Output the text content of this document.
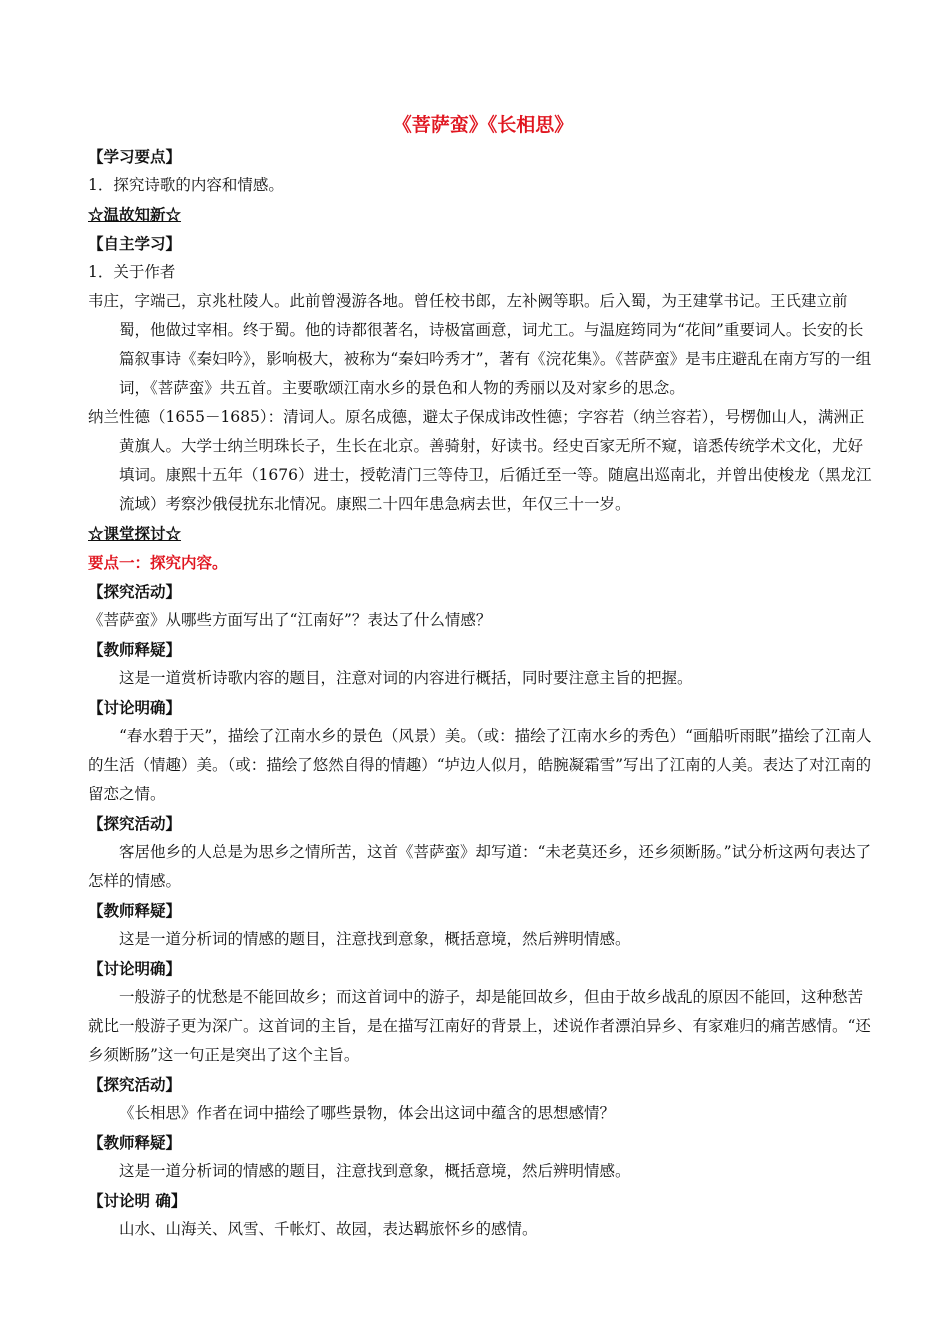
《菩萨蛮》《长相思》

【学习要点】

1．探究诗歌的内容和情感。

☆温故知新☆

【自主学习】

1．关于作者

韦庄，字端己，京兆杜陵人。此前曾漫游各地。曾任校书郎，左补阙等职。后入蜀，为王建掌书记。王氏建立前蜀，他做过宰相。终于蜀。他的诗都很著名，诗极富画意，词尤工。与温庭筠同为“花间”重要词人。长安的长篇叙事诗《秦妇吟》，影响极大，被称为“秦妇吟秀才”，著有《浣花集》。《菩萨蛮》是韦庄避乱在南方写的一组词，《菩萨蛮》共五首。主要歌颂江南水乡的景色和人物的秀丽以及对家乡的思念。

纳兰性德（1655－1685）：清词人。原名成德，避太子保成讳改性德；字容若（纳兰容若），号楞伽山人，满洲正黄旗人。大学士纳兰明珠长子，生长在北京。善骑射，好读书。经史百家无所不窥，谙悉传统学术文化，尤好填词。康熙十五年（1676）进士，授乾清门三等侍卫，后循迁至一等。随扈出巡南北，并曾出使梭龙（黑龙江流域）考察沙俄侵扰东北情况。康熙二十四年患急病去世，年仅三十一岁。

☆课堂探讨☆

要点一：探究内容。

【探究活动】

《菩萨蛮》从哪些方面写出了“江南好”？表达了什么情感？

【教师释疑】

这是一道赏析诗歌内容的题目，注意对词的内容进行概括，同时要注意主旨的把握。

【讨论明确】

“春水碧于天”，描绘了江南水乡的景色（风景）美。（或：描绘了江南水乡的秀色）“画船听雨眠”描绘了江南人的生活（情趣）美。（或：描绘了悠然自得的情趣）“垆边人似月，皓腕凝霜雪”写出了江南的人美。表达了对江南的留恋之情。

【探究活动】

客居他乡的人总是为思乡之情所苦，这首《菩萨蛮》却写道：“未老莫还乡，还乡须断肠。”试分析这两句表达了怎样的情感。

【教师释疑】

这是一道分析词的情感的题目，注意找到意象，概括意境，然后辨明情感。

【讨论明确】

一般游子的忧愁是不能回故乡；而这首词中的游子，却是能回故乡，但由于故乡战乱的原因不能回，这种愁苦就比一般游子更为深广。这首词的主旨，是在描写江南好的背景上，述说作者漂泊异乡、有家难归的痛苦感情。“还乡须断肠”这一句正是突出了这个主旨。

【探究活动】

《长相思》作者在词中描绘了哪些景物，体会出这词中蕴含的思想感情？

【教师释疑】

这是一道分析词的情感的题目，注意找到意象，概括意境，然后辨明情感。

【讨论明 确】

山水、山海关、风雪、千帐灯、故园，表达羁旅怀乡的感情。
